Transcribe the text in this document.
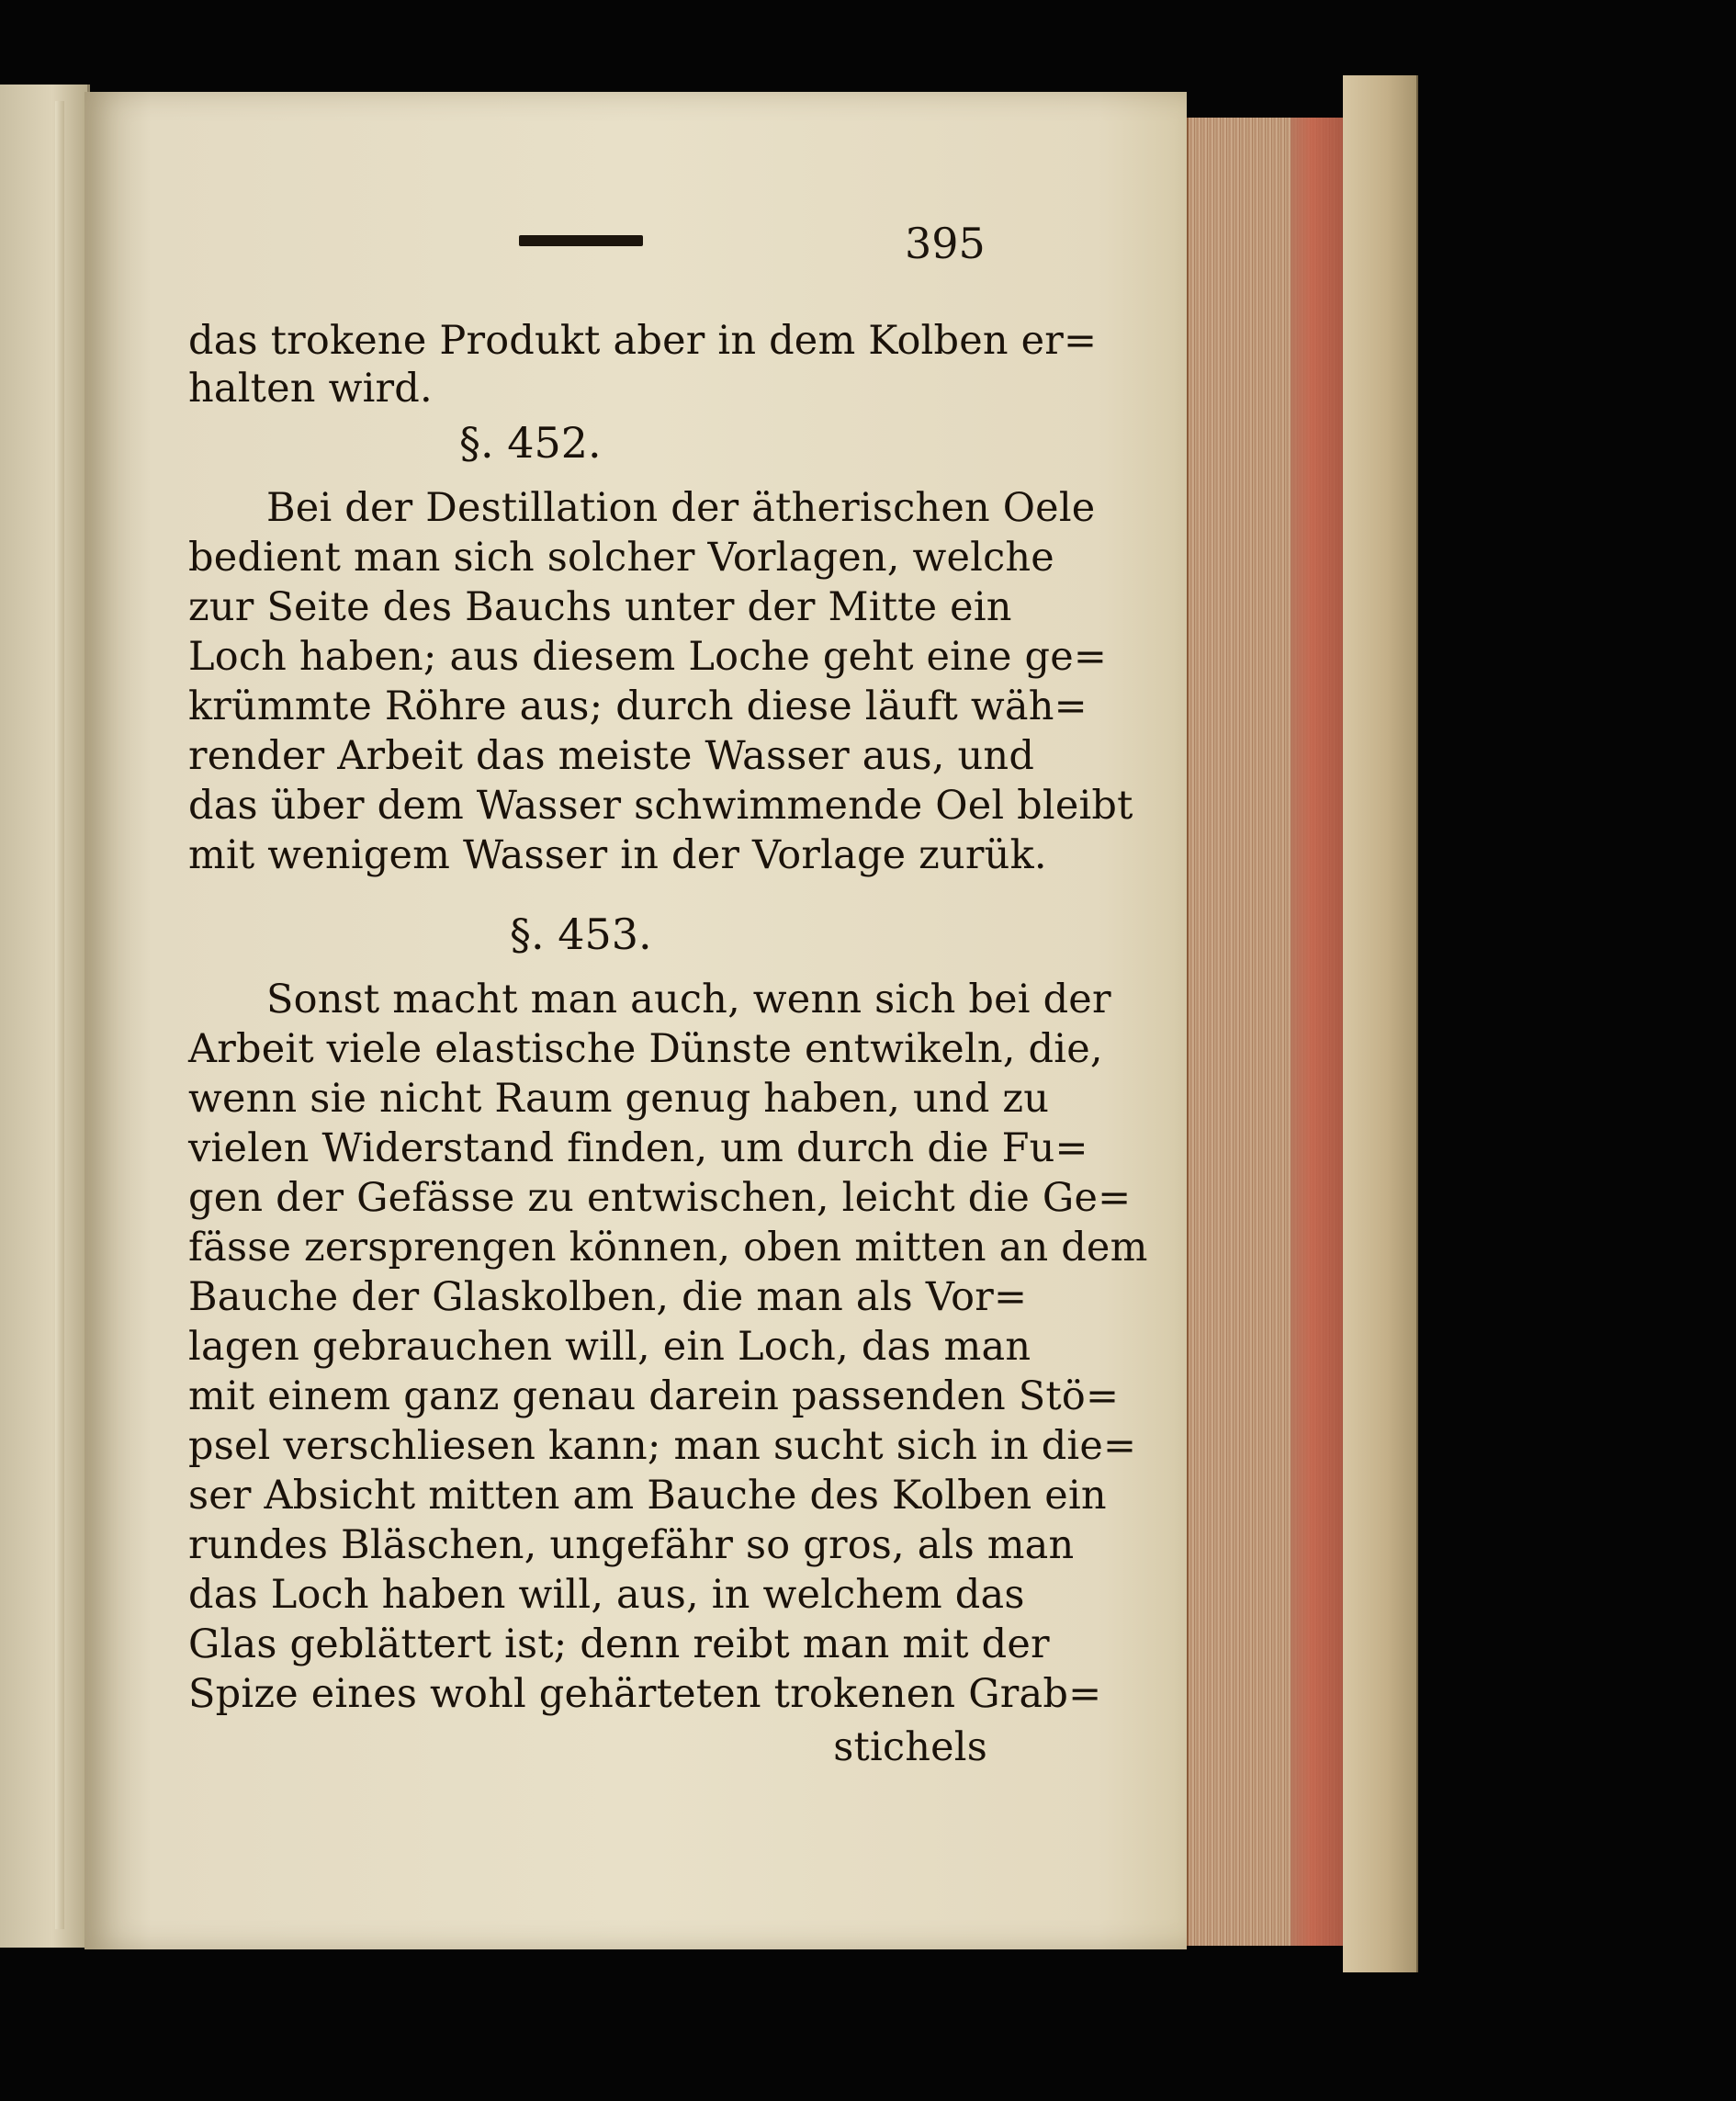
395
das trokene Produkt aber in dem Kolben er=
halten wird.
§. 452.
Bei der Destillation der ätherischen Oele
bedient man sich solcher Vorlagen, welche
zur Seite des Bauchs unter der Mitte ein
Loch haben; aus diesem Loche geht eine ge=
krümmte Röhre aus; durch diese läuft wäh=
render Arbeit das meiste Wasser aus, und
das über dem Wasser schwimmende Oel bleibt
mit wenigem Wasser in der Vorlage zurük.
§. 453.
Sonst macht man auch, wenn sich bei der
Arbeit viele elastische Dünste entwikeln, die,
wenn sie nicht Raum genug haben, und zu
vielen Widerstand finden, um durch die Fu=
gen der Gefässe zu entwischen, leicht die Ge=
fässe zersprengen können, oben mitten an dem
Bauche der Glaskolben, die man als Vor=
lagen gebrauchen will, ein Loch, das man
mit einem ganz genau darein passenden Stö=
psel verschliesen kann; man sucht sich in die=
ser Absicht mitten am Bauche des Kolben ein
rundes Bläschen, ungefähr so gros, als man
das Loch haben will, aus, in welchem das
Glas geblättert ist; denn reibt man mit der
Spize eines wohl gehärteten trokenen Grab=
stichels
